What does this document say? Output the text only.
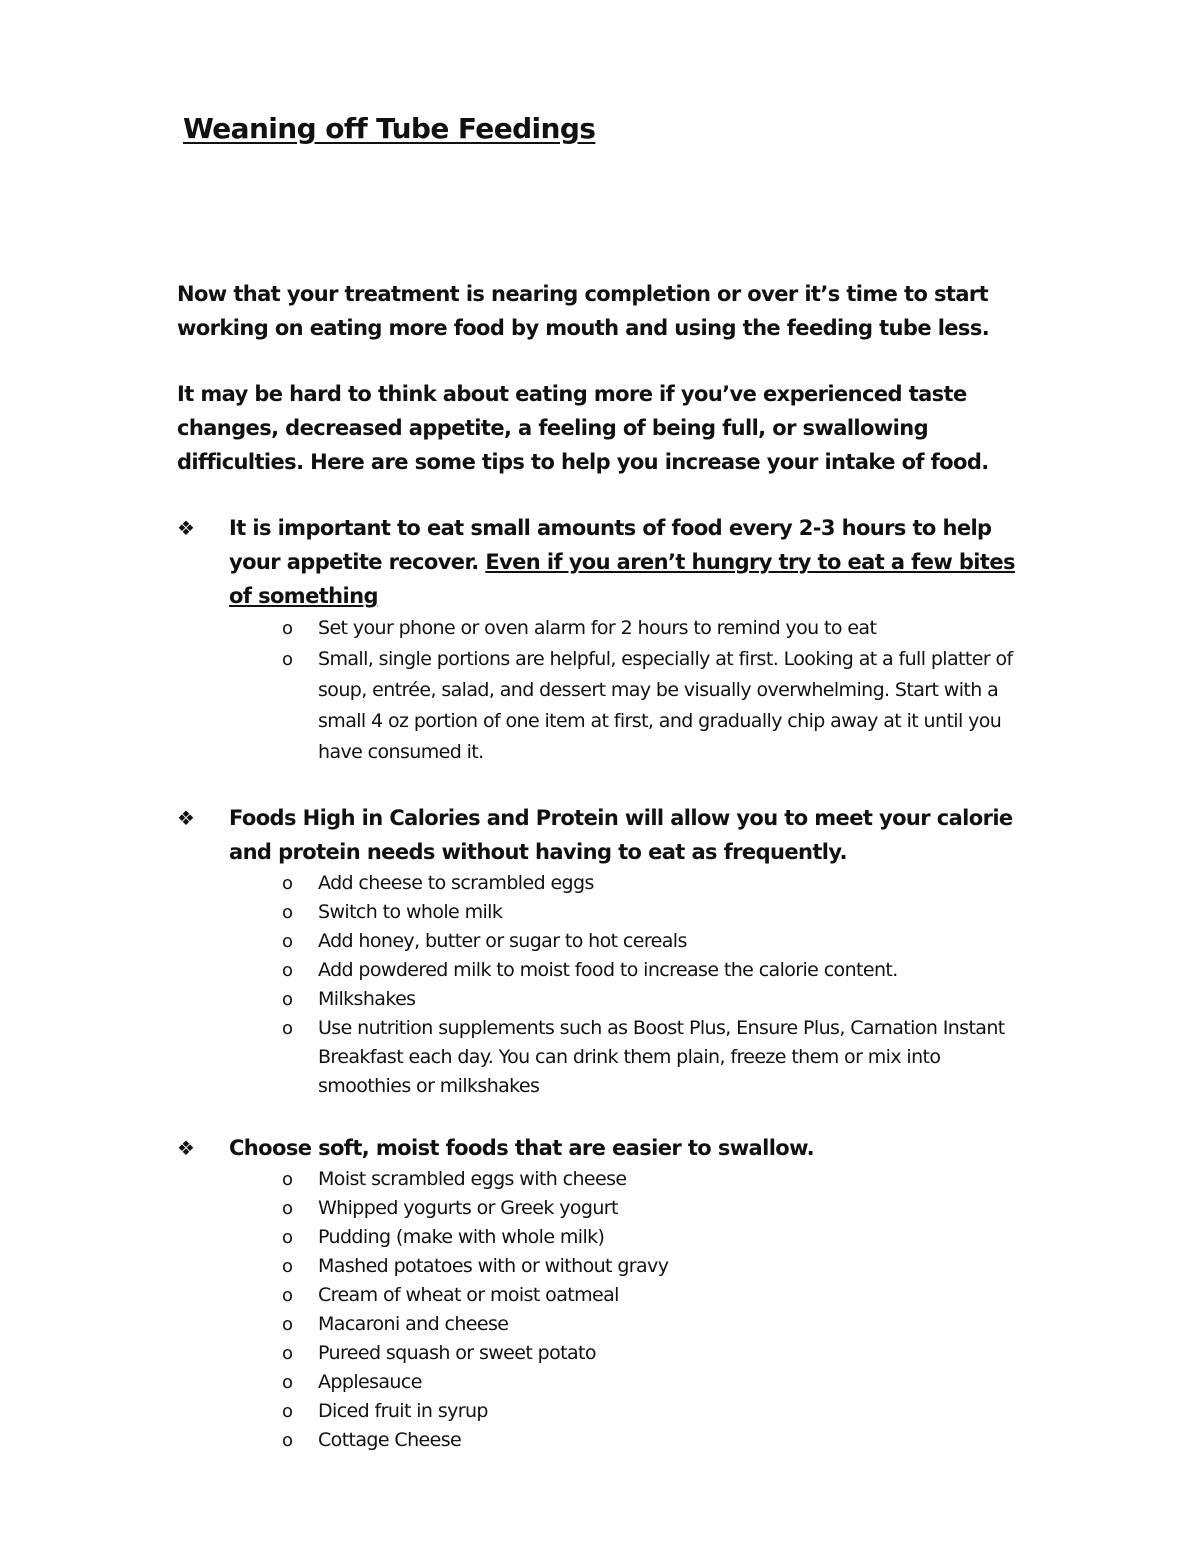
Weaning off Tube Feedings

Now that your treatment is nearing completion or over it’s time to start working on eating more food by mouth and using the feeding tube less.

It may be hard to think about eating more if you’ve experienced taste changes, decreased appetite, a feeling of being full, or swallowing difficulties. Here are some tips to help you increase your intake of food.

❖	It is important to eat small amounts of food every 2-3 hours to help your appetite recover. Even if you aren’t hungry try to eat a few bites of something
o Set your phone or oven alarm for 2 hours to remind you to eat
o Small, single portions are helpful, especially at first. Looking at a full platter of soup, entrée, salad, and dessert may be visually overwhelming. Start with a small 4 oz portion of one item at first, and gradually chip away at it until you have consumed it.
❖	Foods High in Calories and Protein will allow you to meet your calorie and protein needs without having to eat as frequently.
o Add cheese to scrambled eggs
o Switch to whole milk
o Add honey, butter or sugar to hot cereals
o Add powdered milk to moist food to increase the calorie content.
o Milkshakes
o Use nutrition supplements such as Boost Plus, Ensure Plus, Carnation Instant Breakfast each day. You can drink them plain, freeze them or mix into smoothies or milkshakes
❖	Choose soft, moist foods that are easier to swallow.
o Moist scrambled eggs with cheese
o Whipped yogurts or Greek yogurt
o Pudding (make with whole milk)
o Mashed potatoes with or without gravy
o Cream of wheat or moist oatmeal
o Macaroni and cheese
o Pureed squash or sweet potato
o Applesauce
o Diced fruit in syrup
o Cottage Cheese
